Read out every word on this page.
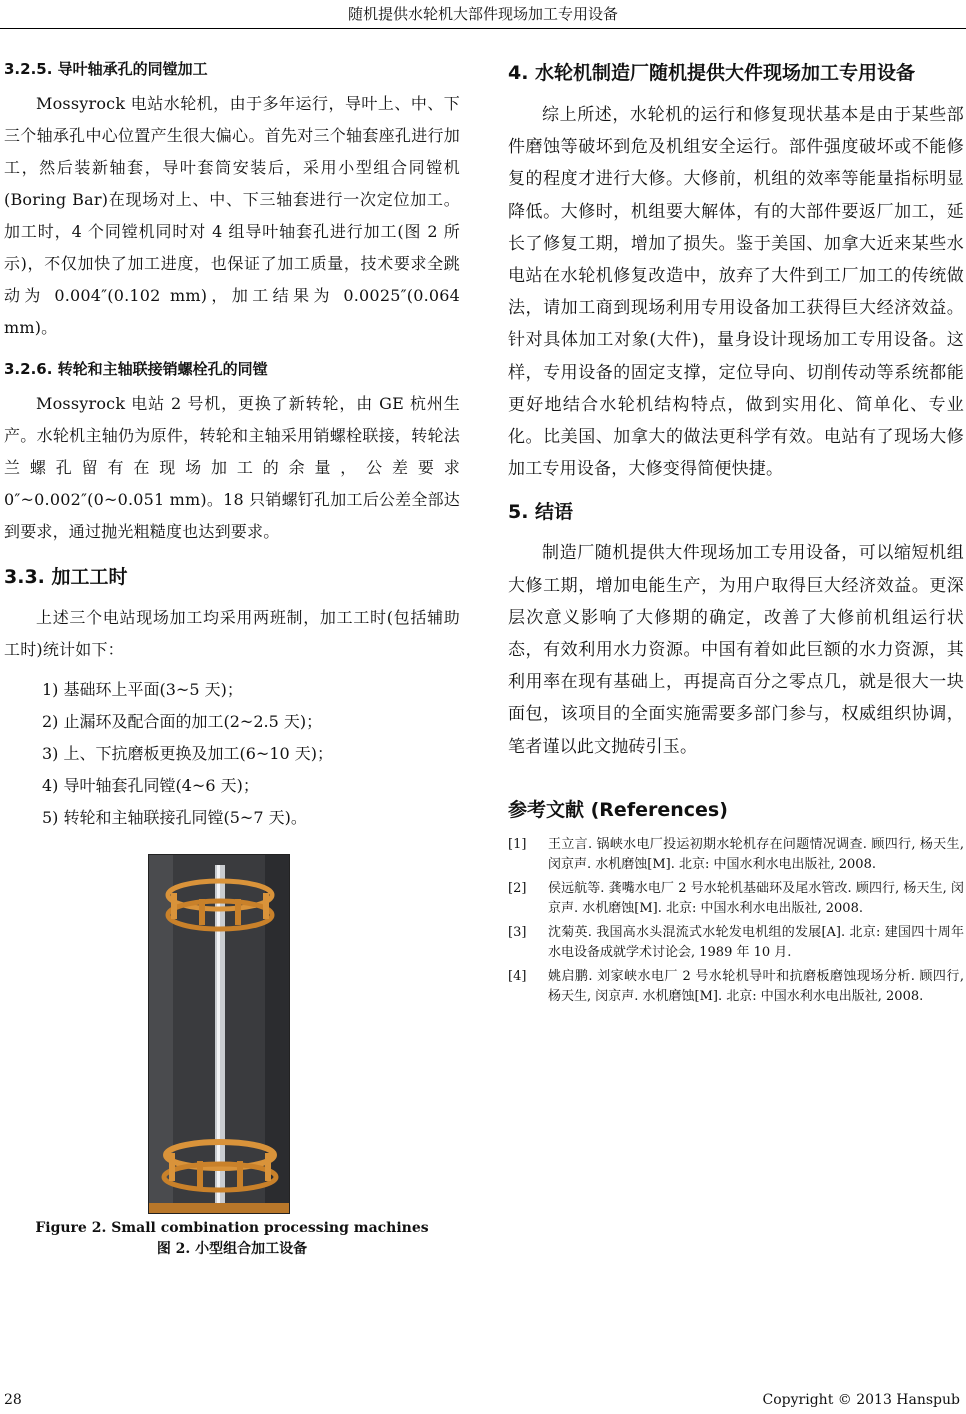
随机提供水轮机大部件现场加工专用设备
3.2.5. 导叶轴承孔的同镗加工

Mossyrock 电站水轮机，由于多年运行，导叶上、中、下三个轴承孔中心位置产生很大偏心。首先对三个轴套座孔进行加工，然后装新轴套，导叶套筒安装后，采用小型组合同镗机(Boring Bar)在现场对上、中、下三轴套进行一次定位加工。加工时，4 个同镗机同时对 4 组导叶轴套孔进行加工(图 2 所示)，不仅加快了加工进度，也保证了加工质量，技术要求全跳动为 0.004″(0.102 mm)，加工结果为 0.0025″(0.064 mm)。

3.2.6. 转轮和主轴联接销螺栓孔的同镗

Mossyrock 电站 2 号机，更换了新转轮，由 GE 杭州生产。水轮机主轴仍为原件，转轮和主轴采用销螺栓联接，转轮法兰螺孔留有在现场加工的余量，公差要求 0″~0.002″(0~0.051 mm)。18 只销螺钉孔加工后公差全部达到要求，通过抛光粗糙度也达到要求。

3.3. 加工工时

上述三个电站现场加工均采用两班制，加工工时(包括辅助工时)统计如下：

1) 基础环上平面(3~5 天)；
2) 止漏环及配合面的加工(2~2.5 天)；
3) 上、下抗磨板更换及加工(6~10 天)；
4) 导叶轴套孔同镗(4~6 天)；
5) 转轮和主轴联接孔同镗(5~7 天)。
Figure 2. Small combination processing machines
图 2. 小型组合加工设备
4. 水轮机制造厂随机提供大件现场加工专用设备

综上所述，水轮机的运行和修复现状基本是由于某些部件磨蚀等破坏到危及机组安全运行。部件强度破坏或不能修复的程度才进行大修。大修前，机组的效率等能量指标明显降低。大修时，机组要大解体，有的大部件要返厂加工，延长了修复工期，增加了损失。鉴于美国、加拿大近来某些水电站在水轮机修复改造中，放弃了大件到工厂加工的传统做法，请加工商到现场利用专用设备加工获得巨大经济效益。针对具体加工对象(大件)，量身设计现场加工专用设备。这样，专用设备的固定支撑，定位导向、切削传动等系统都能更好地结合水轮机结构特点，做到实用化、简单化、专业化。比美国、加拿大的做法更科学有效。电站有了现场大修加工专用设备，大修变得简便快捷。

5. 结语

制造厂随机提供大件现场加工专用设备，可以缩短机组大修工期，增加电能生产，为用户取得巨大经济效益。更深层次意义影响了大修期的确定，改善了大修前机组运行状态，有效利用水力资源。中国有着如此巨额的水力资源，其利用率在现有基础上，再提高百分之零点几，就是很大一块面包，该项目的全面实施需要多部门参与，权威组织协调，笔者谨以此文抛砖引玉。

参考文献 (References)
[1]	王立言. 锅峡水电厂投运初期水轮机存在问题情况调查. 顾四行, 杨天生, 闵京声. 水机磨蚀[M]. 北京: 中国水利水电出版社, 2008.
[2]	侯远航等. 龚嘴水电厂 2 号水轮机基础环及尾水管改. 顾四行, 杨天生, 闵京声. 水机磨蚀[M]. 北京: 中国水利水电出版社, 2008.
[3]	沈菊英. 我国高水头混流式水轮发电机组的发展[A]. 北京: 建国四十周年水电设备成就学术讨论会, 1989 年 10 月.
[4]	姚启鹏. 刘家峡水电厂 2 号水轮机导叶和抗磨板磨蚀现场分析. 顾四行, 杨天生, 闵京声. 水机磨蚀[M]. 北京: 中国水利水电出版社, 2008.
28	Copyright © 2013 Hanspub
